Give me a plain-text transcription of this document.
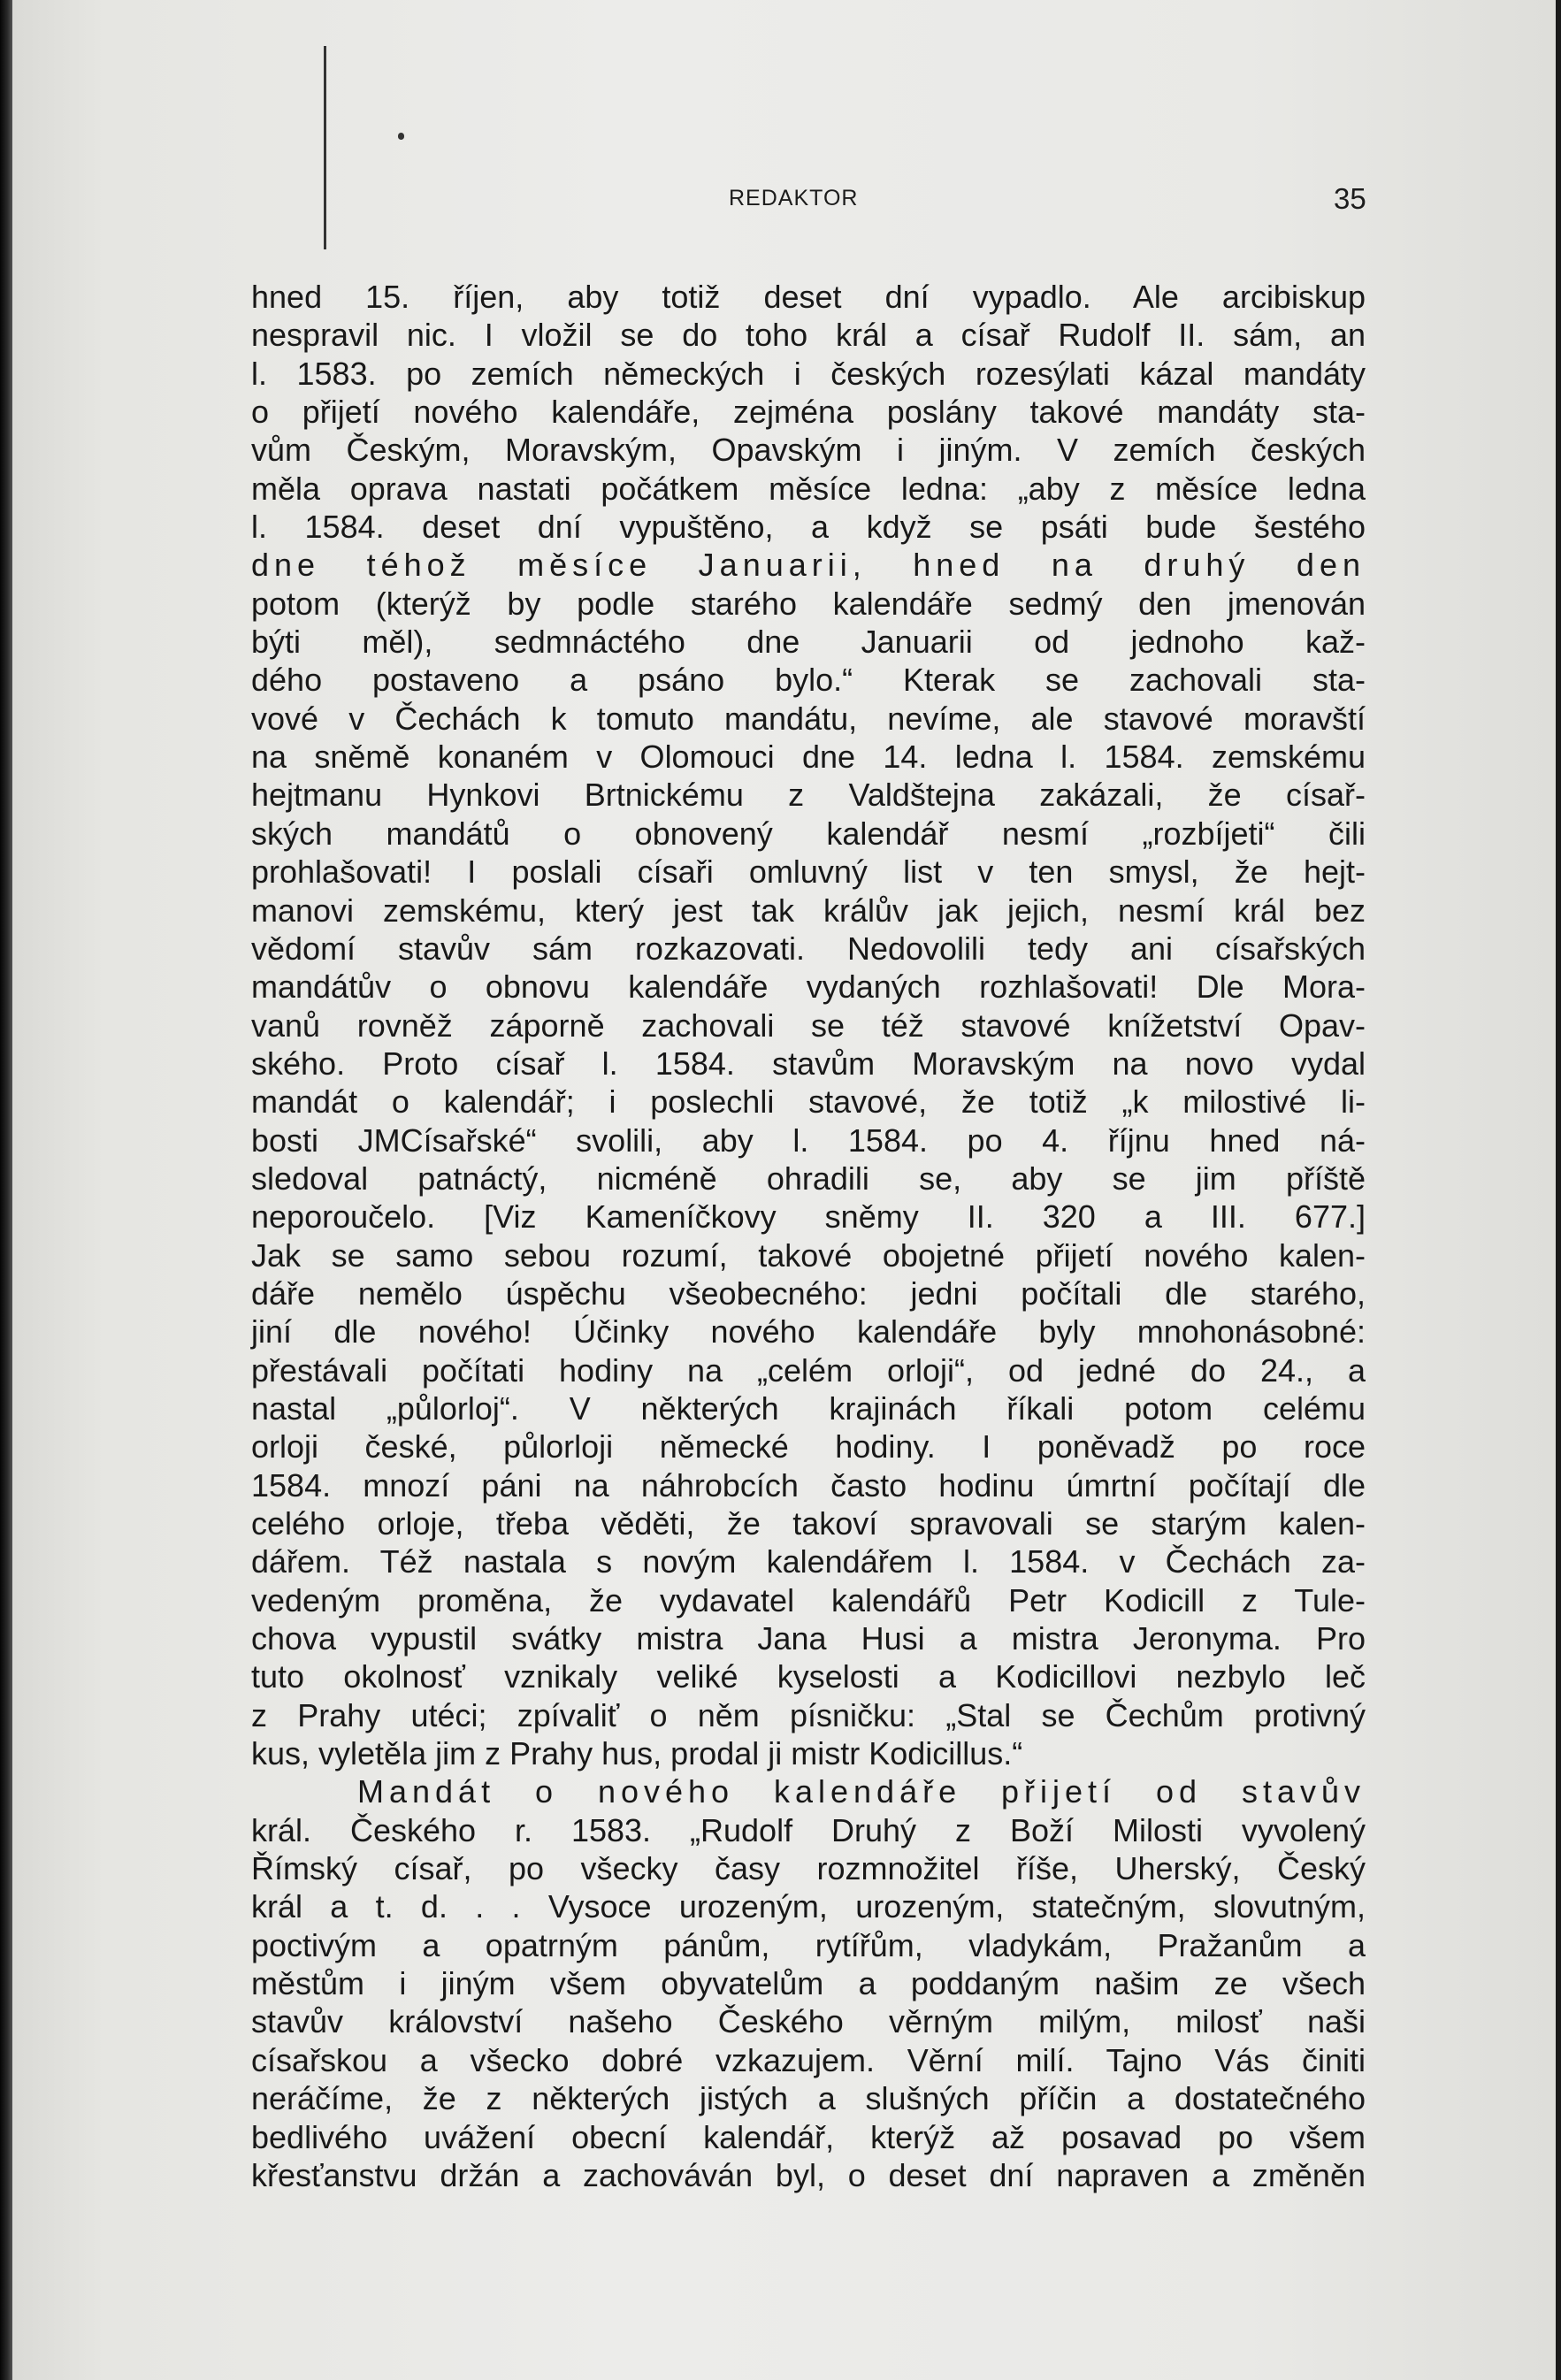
REDAKTOR	35
hned 15. říjen, aby totiž deset dní vypadlo. Ale arcibiskup
nespravil nic. I vložil se do toho král a císař Rudolf II. sám, an
l. 1583. po zemích německých i českých rozesýlati kázal mandáty
o přijetí nového kalendáře, zejména poslány takové mandáty sta-
vům Českým, Moravským, Opavským i jiným. V zemích českých
měla oprava nastati počátkem měsíce ledna: „aby z měsíce ledna
l. 1584. deset dní vypuštěno, a když se psáti bude šestého
dne téhož měsíce Januarii, hned na druhý den
potom (kterýž by podle starého kalendáře sedmý den jmenován
býti měl), sedmnáctého dne Januarii od jednoho kaž-
dého postaveno a psáno bylo.“ Kterak se zachovali sta-
vové v Čechách k tomuto mandátu, nevíme, ale stavové moravští
na sněmě konaném v Olomouci dne 14. ledna l. 1584. zemskému
hejtmanu Hynkovi Brtnickému z Valdštejna zakázali, že císař-
ských mandátů o obnovený kalendář nesmí „rozbíjeti“ čili
prohlašovati! I poslali císaři omluvný list v ten smysl, že hejt-
manovi zemskému, který jest tak králův jak jejich, nesmí král bez
vědomí stavův sám rozkazovati. Nedovolili tedy ani císařských
mandátův o obnovu kalendáře vydaných rozhlašovati! Dle Mora-
vanů rovněž záporně zachovali se též stavové knížetství Opav-
ského. Proto císař l. 1584. stavům Moravským na novo vydal
mandát o kalendář; i poslechli stavové, že totiž „k milostivé li-
bosti JMCísařské“ svolili, aby l. 1584. po 4. říjnu hned ná-
sledoval patnáctý, nicméně ohradili se, aby se jim příště
neporoučelo. [Viz Kameníčkovy sněmy II. 320 a III. 677.]
Jak se samo sebou rozumí, takové obojetné přijetí nového kalen-
dáře nemělo úspěchu všeobecného: jedni počítali dle starého,
jiní dle nového! Účinky nového kalendáře byly mnohonásobné:
přestávali počítati hodiny na „celém orloji“, od jedné do 24., a
nastal „půlorloj“. V některých krajinách říkali potom celému
orloji české, půlorloji německé hodiny. I poněvadž po roce
1584. mnozí páni na náhrobcích často hodinu úmrtní počítají dle
celého orloje, třeba věděti, že takoví spravovali se starým kalen-
dářem. Též nastala s novým kalendářem l. 1584. v Čechách za-
vedeným proměna, že vydavatel kalendářů Petr Kodicill z Tule-
chova vypustil svátky mistra Jana Husi a mistra Jeronyma. Pro
tuto okolnosť vznikaly veliké kyselosti a Kodicillovi nezbylo leč
z Prahy utéci; zpívaliť o něm písničku: „Stal se Čechům protivný
kus, vyletěla jim z Prahy hus, prodal ji mistr Kodicillus.“
Mandát o nového kalendáře přijetí od stavův
král. Českého r. 1583. „Rudolf Druhý z Boží Milosti vyvolený
Římský císař, po všecky časy rozmnožitel říše, Uherský, Český
král a t. d. . . Vysoce urozeným, urozeným, statečným, slovutným,
poctivým a opatrným pánům, rytířům, vladykám, Pražanům a
městům i jiným všem obyvatelům a poddaným našim ze všech
stavův království našeho Českého věrným milým, milosť naši
císařskou a všecko dobré vzkazujem. Věrní milí. Tajno Vás činiti
neráčíme, že z některých jistých a slušných příčin a dostatečného
bedlivého uvážení obecní kalendář, kterýž až posavad po všem
křesťanstvu držán a zachováván byl, o deset dní napraven a změněn
